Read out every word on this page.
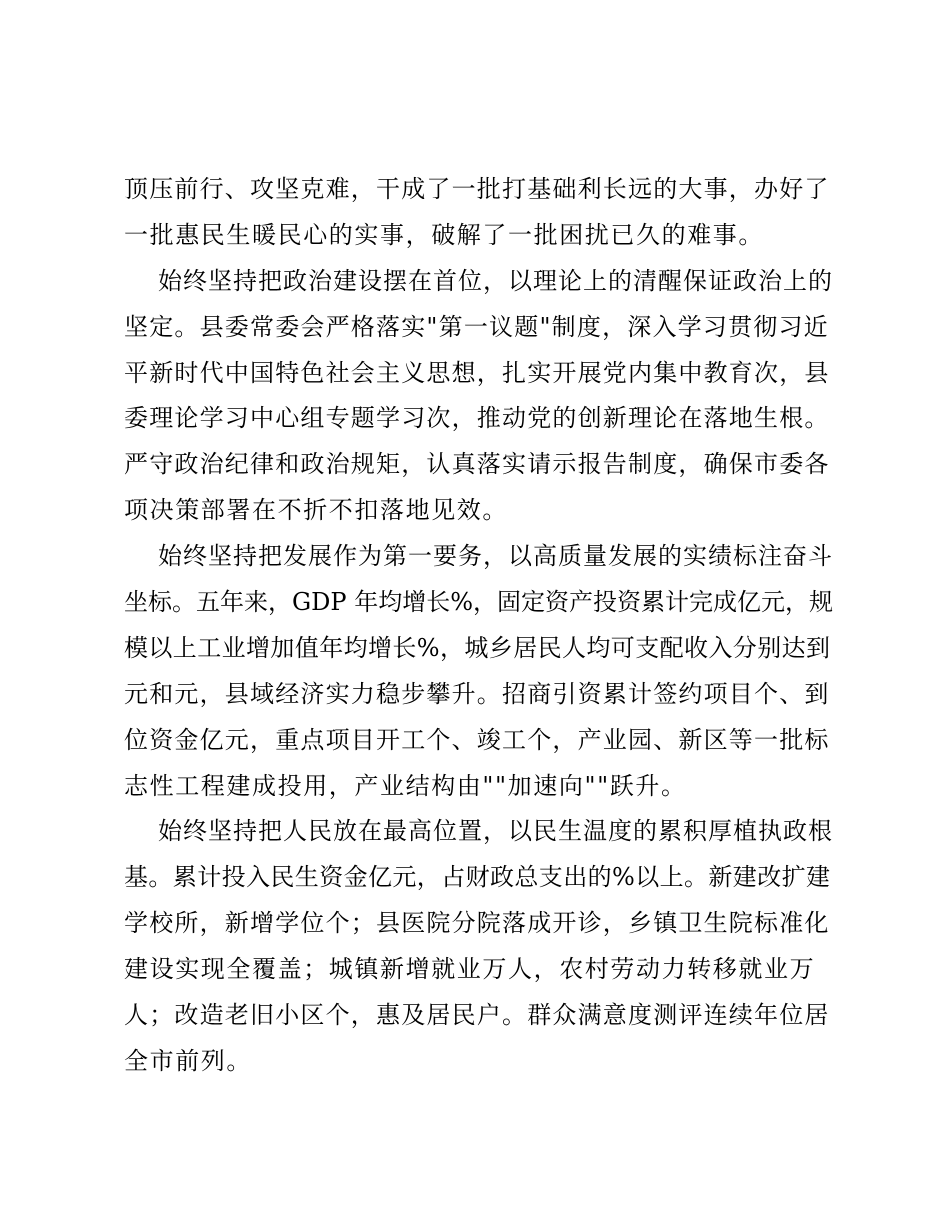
顶压前行、攻坚克难，干成了一批打基础利长远的大事，办好了
一批惠民生暖民心的实事，破解了一批困扰已久的难事。
始终坚持把政治建设摆在首位，以理论上的清醒保证政治上的
坚定。县委常委会严格落实"第一议题"制度，深入学习贯彻习近
平新时代中国特色社会主义思想，扎实开展党内集中教育次，县
委理论学习中心组专题学习次，推动党的创新理论在落地生根。
严守政治纪律和政治规矩，认真落实请示报告制度，确保市委各
项决策部署在不折不扣落地见效。
始终坚持把发展作为第一要务，以高质量发展的实绩标注奋斗
坐标。五年来，GDP 年均增长%，固定资产投资累计完成亿元，规
模以上工业增加值年均增长%，城乡居民人均可支配收入分别达到
元和元，县域经济实力稳步攀升。招商引资累计签约项目个、到
位资金亿元，重点项目开工个、竣工个，产业园、新区等一批标
志性工程建成投用，产业结构由""加速向""跃升。
始终坚持把人民放在最高位置，以民生温度的累积厚植执政根
基。累计投入民生资金亿元，占财政总支出的%以上。新建改扩建
学校所，新增学位个；县医院分院落成开诊，乡镇卫生院标准化
建设实现全覆盖；城镇新增就业万人，农村劳动力转移就业万
人；改造老旧小区个，惠及居民户。群众满意度测评连续年位居
全市前列。
